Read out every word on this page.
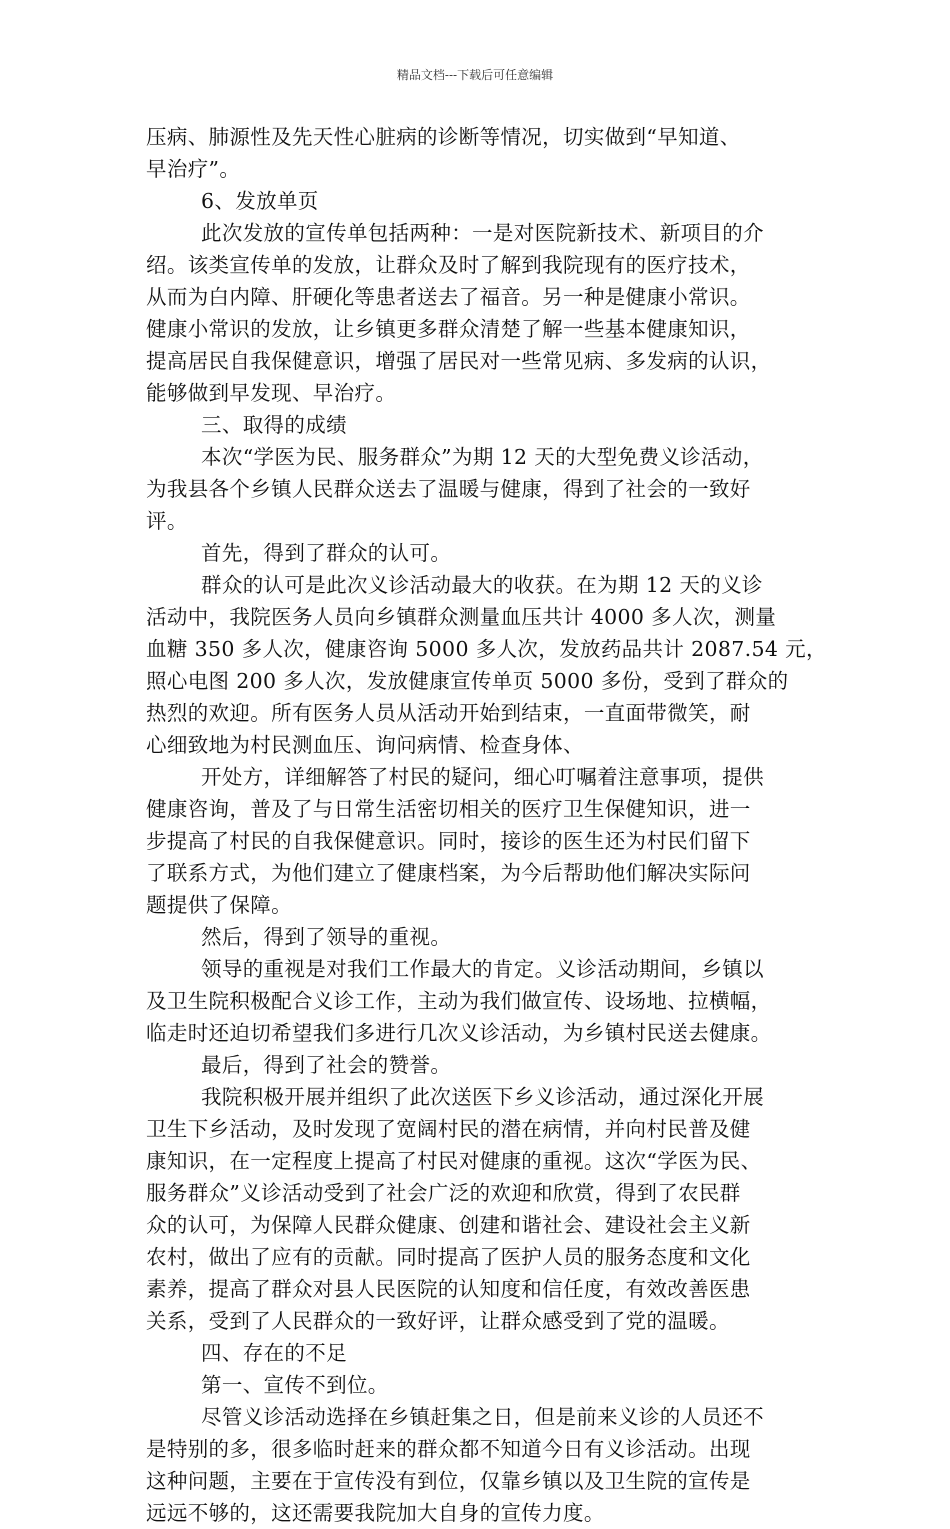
精品文档---下载后可任意编辑
压病、肺源性及先天性心脏病的诊断等情况，切实做到“早知道、
早治疗”。
6、发放单页
此次发放的宣传单包括两种：一是对医院新技术、新项目的介
绍。该类宣传单的发放，让群众及时了解到我院现有的医疗技术，
从而为白内障、肝硬化等患者送去了福音。另一种是健康小常识。
健康小常识的发放，让乡镇更多群众清楚了解一些基本健康知识，
提高居民自我保健意识，增强了居民对一些常见病、多发病的认识，
能够做到早发现、早治疗。
三、取得的成绩
本次“学医为民、服务群众”为期 12 天的大型免费义诊活动，
为我县各个乡镇人民群众送去了温暖与健康，得到了社会的一致好
评。
首先，得到了群众的认可。
群众的认可是此次义诊活动最大的收获。在为期 12 天的义诊
活动中，我院医务人员向乡镇群众测量血压共计 4000 多人次，测量
血糖 350 多人次，健康咨询 5000 多人次，发放药品共计 2087.54 元，
照心电图 200 多人次，发放健康宣传单页 5000 多份，受到了群众的
热烈的欢迎。所有医务人员从活动开始到结束，一直面带微笑，耐
心细致地为村民测血压、询问病情、检查身体、
开处方，详细解答了村民的疑问，细心叮嘱着注意事项，提供
健康咨询，普及了与日常生活密切相关的医疗卫生保健知识，进一
步提高了村民的自我保健意识。同时，接诊的医生还为村民们留下
了联系方式，为他们建立了健康档案，为今后帮助他们解决实际问
题提供了保障。
然后，得到了领导的重视。
领导的重视是对我们工作最大的肯定。义诊活动期间，乡镇以
及卫生院积极配合义诊工作，主动为我们做宣传、设场地、拉横幅，
临走时还迫切希望我们多进行几次义诊活动，为乡镇村民送去健康。
最后，得到了社会的赞誉。
我院积极开展并组织了此次送医下乡义诊活动，通过深化开展
卫生下乡活动，及时发现了宽阔村民的潜在病情，并向村民普及健
康知识，在一定程度上提高了村民对健康的重视。这次“学医为民、
服务群众”义诊活动受到了社会广泛的欢迎和欣赏，得到了农民群
众的认可，为保障人民群众健康、创建和谐社会、建设社会主义新
农村，做出了应有的贡献。同时提高了医护人员的服务态度和文化
素养，提高了群众对县人民医院的认知度和信任度，有效改善医患
关系，受到了人民群众的一致好评，让群众感受到了党的温暖。
四、存在的不足
第一、宣传不到位。
尽管义诊活动选择在乡镇赶集之日，但是前来义诊的人员还不
是特别的多，很多临时赶来的群众都不知道今日有义诊活动。出现
这种问题，主要在于宣传没有到位，仅靠乡镇以及卫生院的宣传是
远远不够的，这还需要我院加大自身的宣传力度。
